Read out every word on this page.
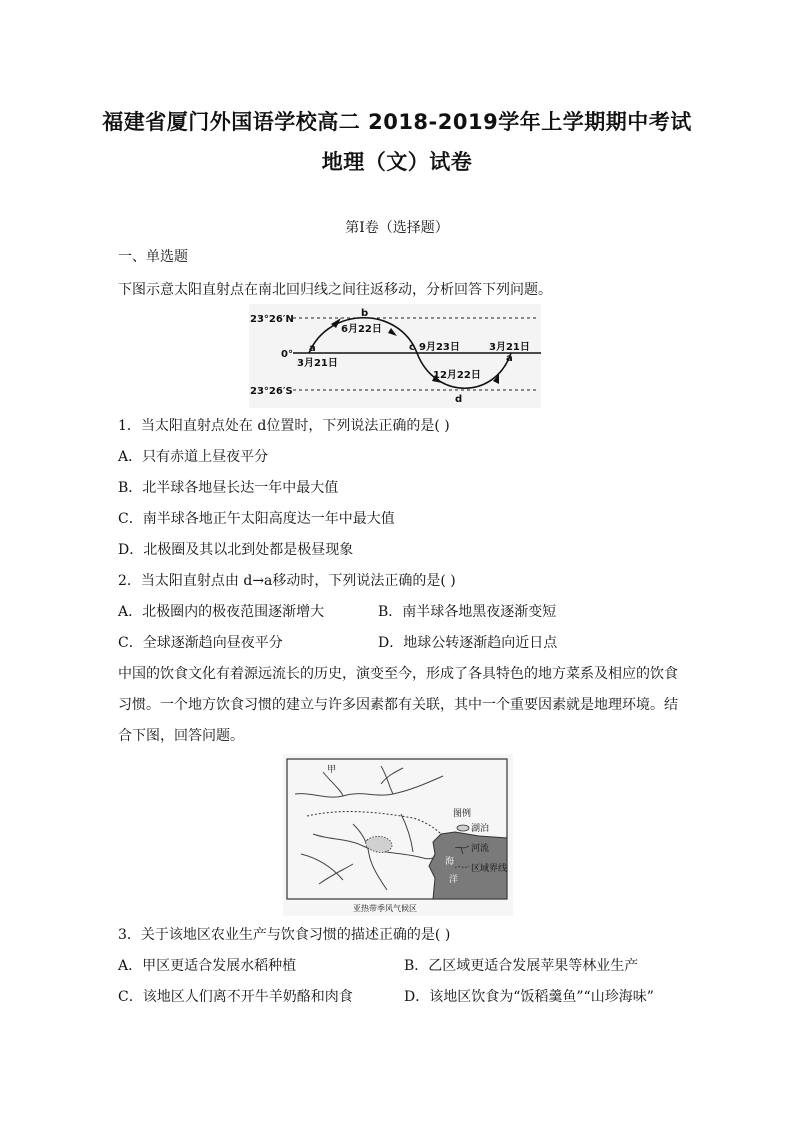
福建省厦门外国语学校高二 2018-2019学年上学期期中考试
地理（文）试卷
第I卷（选择题）
一、单选题
下图示意太阳直射点在南北回归线之间往返移动，分析回答下列问题。
23°26′N
0°
23°26′S
a
3月21日
b
6月22日
c 9月23日	3月21日
a
12月22日
d
1．当太阳直射点处在 d位置时，下列说法正确的是( )
A．只有赤道上昼夜平分
B．北半球各地昼长达一年中最大值
C．南半球各地正午太阳高度达一年中最大值
D．北极圈及其以北到处都是极昼现象
2．当太阳直射点由 d→a移动时，下列说法正确的是( )
A．北极圈内的极夜范围逐渐增大	B．南半球各地黑夜逐渐变短
C．全球逐渐趋向昼夜平分	D．地球公转逐渐趋向近日点
中国的饮食文化有着源远流长的历史，演变至今，形成了各具特色的地方菜系及相应的饮食
习惯。一个地方饮食习惯的建立与许多因素都有关联，其中一个重要因素就是地理环境。结
合下图，回答问题。
甲
图例
湖泊
河流
区域界线
海
洋
亚热带季风气候区
3．关于该地区农业生产与饮食习惯的描述正确的是( )
A．甲区更适合发展水稻种植	B．乙区域更适合发展苹果等林业生产
C．该地区人们离不开牛羊奶酪和肉食	D．该地区饮食为“饭稻羹鱼”“山珍海味”
